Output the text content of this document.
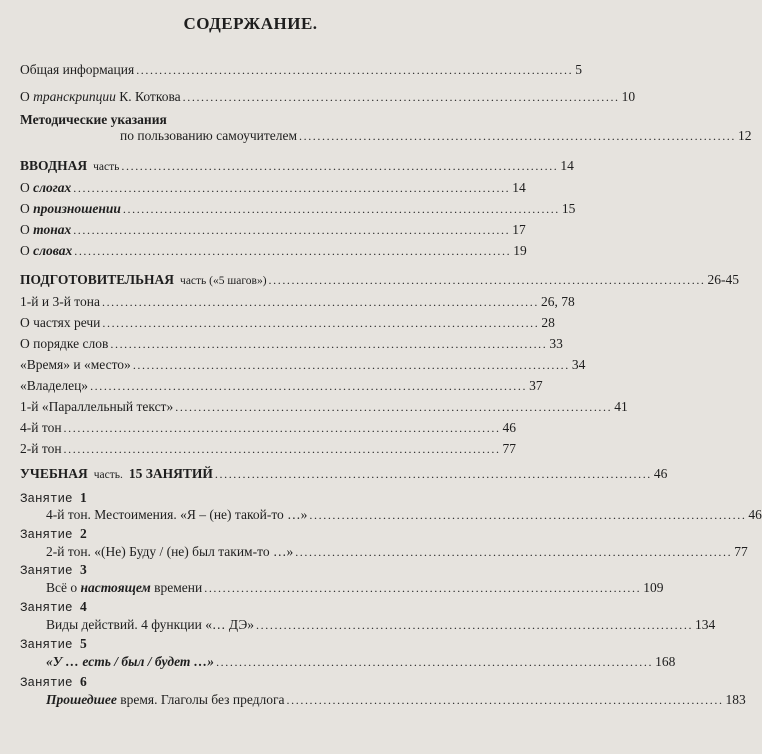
СОДЕРЖАНИЕ.
Общая информация ............................................................................................... 5
О транскрипции К. Коткова ............................................................................................... 10
Методические указания
по пользованию самоучителем ............................................................................................... 12
ВВОДНАЯ часть ............................................................................................... 14
О слогах ............................................................................................... 14
О произношении ............................................................................................... 15
О тонах ............................................................................................... 17
О словах ............................................................................................... 19
ПОДГОТОВИТЕЛЬНАЯ часть («5 шагов») ............................................................................................... 26-45
1-й и 3-й тона ............................................................................................... 26, 78
О частях речи ............................................................................................... 28
О порядке слов ............................................................................................... 33
«Время» и «место» ............................................................................................... 34
«Владелец» ............................................................................................... 37
1-й «Параллельный текст» ............................................................................................... 41
4-й тон ............................................................................................... 46
2-й тон ............................................................................................... 77
УЧЕБНАЯ часть. 15 ЗАНЯТИЙ ............................................................................................... 46
Занятие 1
4-й тон. Местоимения. «Я – (не) такой-то …» ............................................................................................... 46
Занятие 2
2-й тон. «(Не) Буду / (не) был таким-то …» ............................................................................................... 77
Занятие 3
Всё о настоящем времени ............................................................................................... 109
Занятие 4
Виды действий. 4 функции «… ДЭ» ............................................................................................... 134
Занятие 5
«У … есть / был / будет …» ............................................................................................... 168
Занятие 6
Прошедшее время. Глаголы без предлога ............................................................................................... 183
